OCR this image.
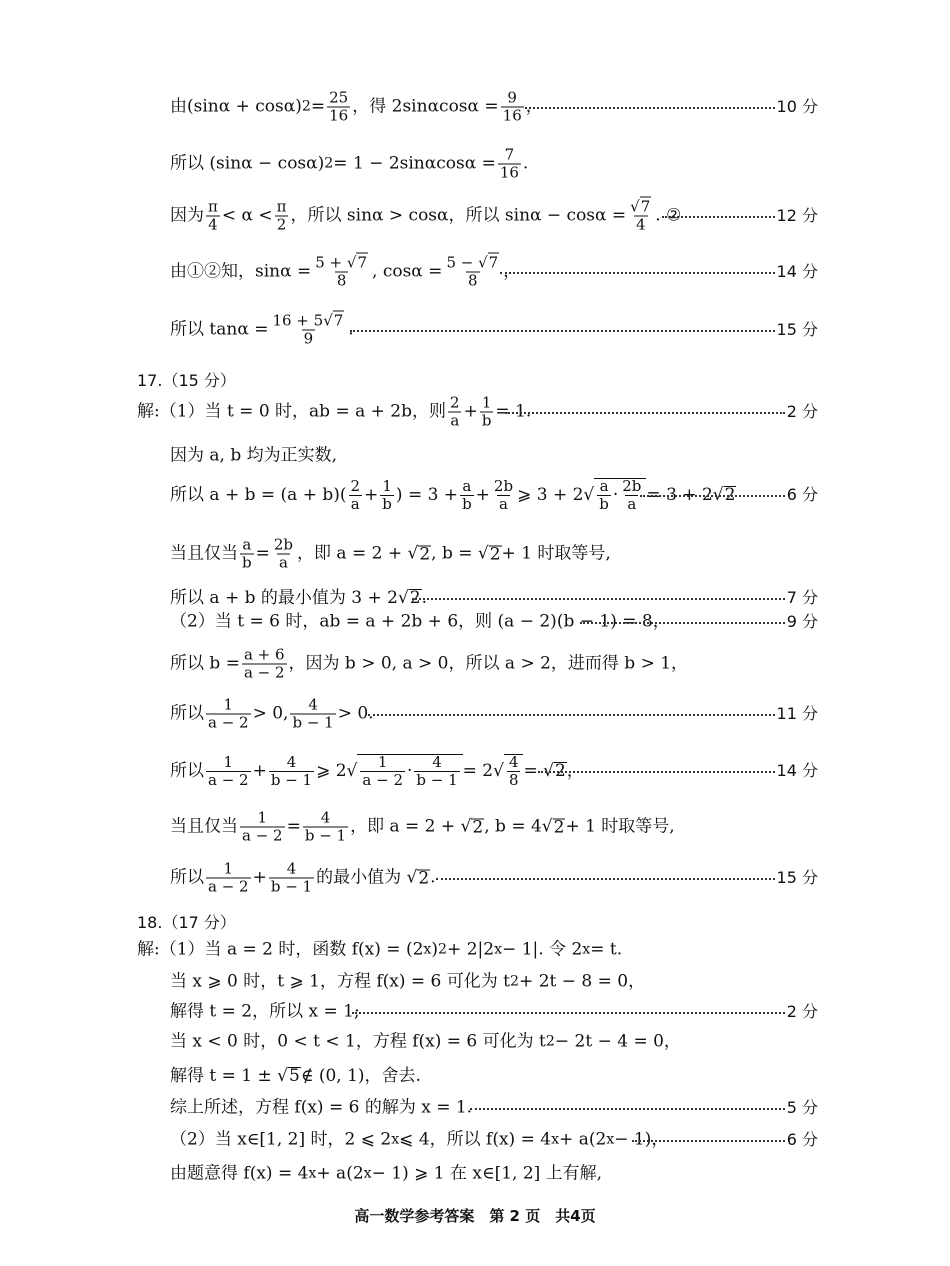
由(sinα + cosα) $2 = \frac{25}{16}$ ，得 $2\sin\alpha\cos\alpha = \frac{9}{16}$ ，	10 分
所以 (sinα − cosα) $2 = 1 - 2\sin\alpha\cos\alpha = \frac{7}{16}$ .
因为 $\frac{\pi}{4} < \alpha < \frac{\pi}{2}$ ，所以 sinα > cosα，所以 $\sin\alpha - \cos\alpha = \frac{√7}{4}$ . ②	12 分
由①②知，$\sin\alpha = \frac{5 + √7}{8}$ , $\cos\alpha = \frac{5 - √7}{8}$ ，	14 分
所以 $\tan\alpha = \frac{16 + 5√7}{9}$ .	15 分
17.（15 分）
解:（1）当 t = 0 时，ab = a + 2b，则 $\frac{2}{a} + \frac{1}{b} = 1$.	2 分
因为 a, b 均为正实数,
所以 $a + b = (a + b)( \frac{2}{a} + \frac{1}{b}$ ) = $3 + \frac{a}{b} + \frac{2b}{a}$ ⩾ $3 + 2√ \frac{a}{b} \cdot \frac{2b}{a} = 3 + 2√$ 2	6 分
当且仅当 $\frac{a}{b} = \frac{2b}{a}$ ，即 a = 2 + √ 2 , b = √ 2 + 1 时取等号,
所以 a + b 的最小值为 3 + 2√ 2 .	7 分
（2）当 t = 6 时，ab = a + 2b + 6，则 (a − 2)(b − 1) = 8，	9 分
所以 $b = \frac{a + 6}{a - 2}$ ，因为 b > 0, a > 0，所以 a > 2，进而得 b > 1，
所以 $\frac{1}{a - 2} > 0$, $\frac{4}{b - 1} > 0$.	11 分
所以 $\frac{1}{a - 2} + \frac{4}{b - 1}$ ⩾ $2√ \frac{1}{a - 2} \cdot \frac{4}{b - 1} = 2√ \frac{4}{8}$ = √ 2 ，	14 分
当且仅当 $\frac{1}{a - 2} = \frac{4}{b - 1}$ ，即 a = 2 + √ 2 , b = 4√ 2 + 1 时取等号,
所以 $\frac{1}{a - 2} + \frac{4}{b - 1}$ 的最小值为 √ 2 .	15 分
18.（17 分）
解:（1）当 a = 2 时，函数 f(x) = (2 x ) 2 + 2|2 x − 1|. 令 2 x = t.
当 x ⩾ 0 时，t ⩾ 1，方程 f(x) = 6 可化为 t 2 + 2t − 8 = 0，
解得 t = 2，所以 x = 1;	2 分
当 x < 0 时，0 < t < 1，方程 f(x) = 6 可化为 t 2 − 2t − 4 = 0，
解得 t = 1 ± √ 5 ∉ (0, 1)，舍去.
综上所述，方程 f(x) = 6 的解为 x = 1.	5 分
（2）当 x∈[1, 2] 时，2 ⩽ 2 x ⩽ 4，所以 f(x) = 4 x + a(2 x − 1)，	6 分
由题意得 f(x) = 4 x + a(2 x − 1) ⩾ 1 在 x∈[1, 2] 上有解,
高一数学参考答案　第 2 页　共4页
